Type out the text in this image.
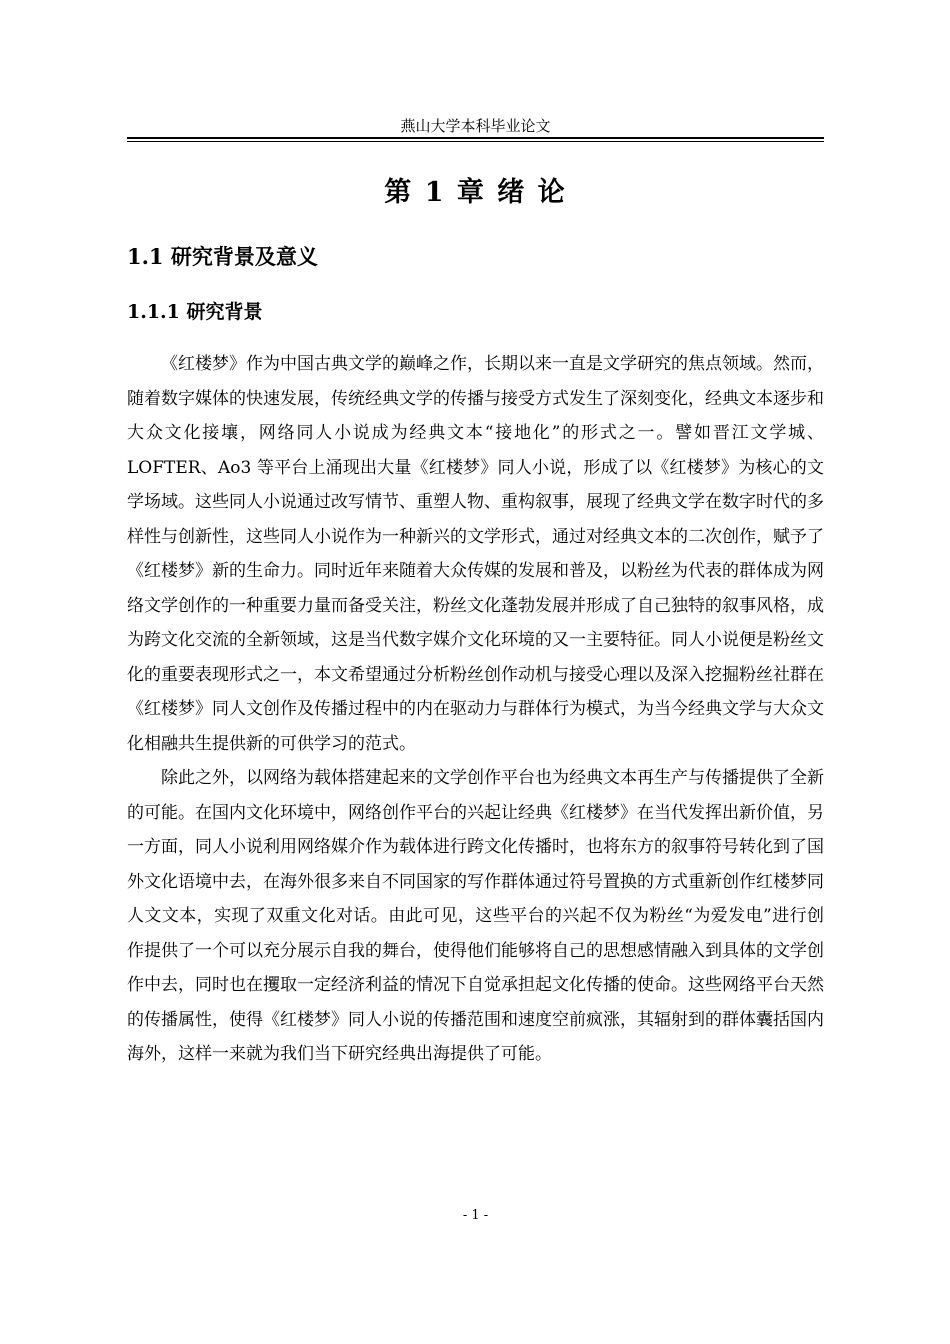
燕山大学本科毕业论文
第 1 章 绪 论
1.1 研究背景及意义
1.1.1 研究背景

《红楼梦》作为中国古典文学的巅峰之作，长期以来一直是文学研究的焦点领域。然而，随着数字媒体的快速发展，传统经典文学的传播与接受方式发生了深刻变化，经典文本逐步和大众文化接壤，网络同人小说成为经典文本“接地化”的形式之一。譬如晋江文学城、LOFTER、Ao3 等平台上涌现出大量《红楼梦》同人小说，形成了以《红楼梦》为核心的文学场域。这些同人小说通过改写情节、重塑人物、重构叙事，展现了经典文学在数字时代的多样性与创新性，这些同人小说作为一种新兴的文学形式，通过对经典文本的二次创作，赋予了《红楼梦》新的生命力。同时近年来随着大众传媒的发展和普及，以粉丝为代表的群体成为网络文学创作的一种重要力量而备受关注，粉丝文化蓬勃发展并形成了自己独特的叙事风格，成为跨文化交流的全新领域，这是当代数字媒介文化环境的又一主要特征。同人小说便是粉丝文化的重要表现形式之一，本文希望通过分析粉丝创作动机与接受心理以及深入挖掘粉丝社群在《红楼梦》同人文创作及传播过程中的内在驱动力与群体行为模式，为当今经典文学与大众文化相融共生提供新的可供学习的范式。

除此之外，以网络为载体搭建起来的文学创作平台也为经典文本再生产与传播提供了全新的可能。在国内文化环境中，网络创作平台的兴起让经典《红楼梦》在当代发挥出新价值，另一方面，同人小说利用网络媒介作为载体进行跨文化传播时，也将东方的叙事符号转化到了国外文化语境中去，在海外很多来自不同国家的写作群体通过符号置换的方式重新创作红楼梦同人文文本，实现了双重文化对话。由此可见，这些平台的兴起不仅为粉丝“为爱发电”进行创作提供了一个可以充分展示自我的舞台，使得他们能够将自己的思想感情融入到具体的文学创作中去，同时也在攫取一定经济利益的情况下自觉承担起文化传播的使命。这些网络平台天然的传播属性，使得《红楼梦》同人小说的传播范围和速度空前疯涨，其辐射到的群体囊括国内海外，这样一来就为我们当下研究经典出海提供了可能。

- 1 -
